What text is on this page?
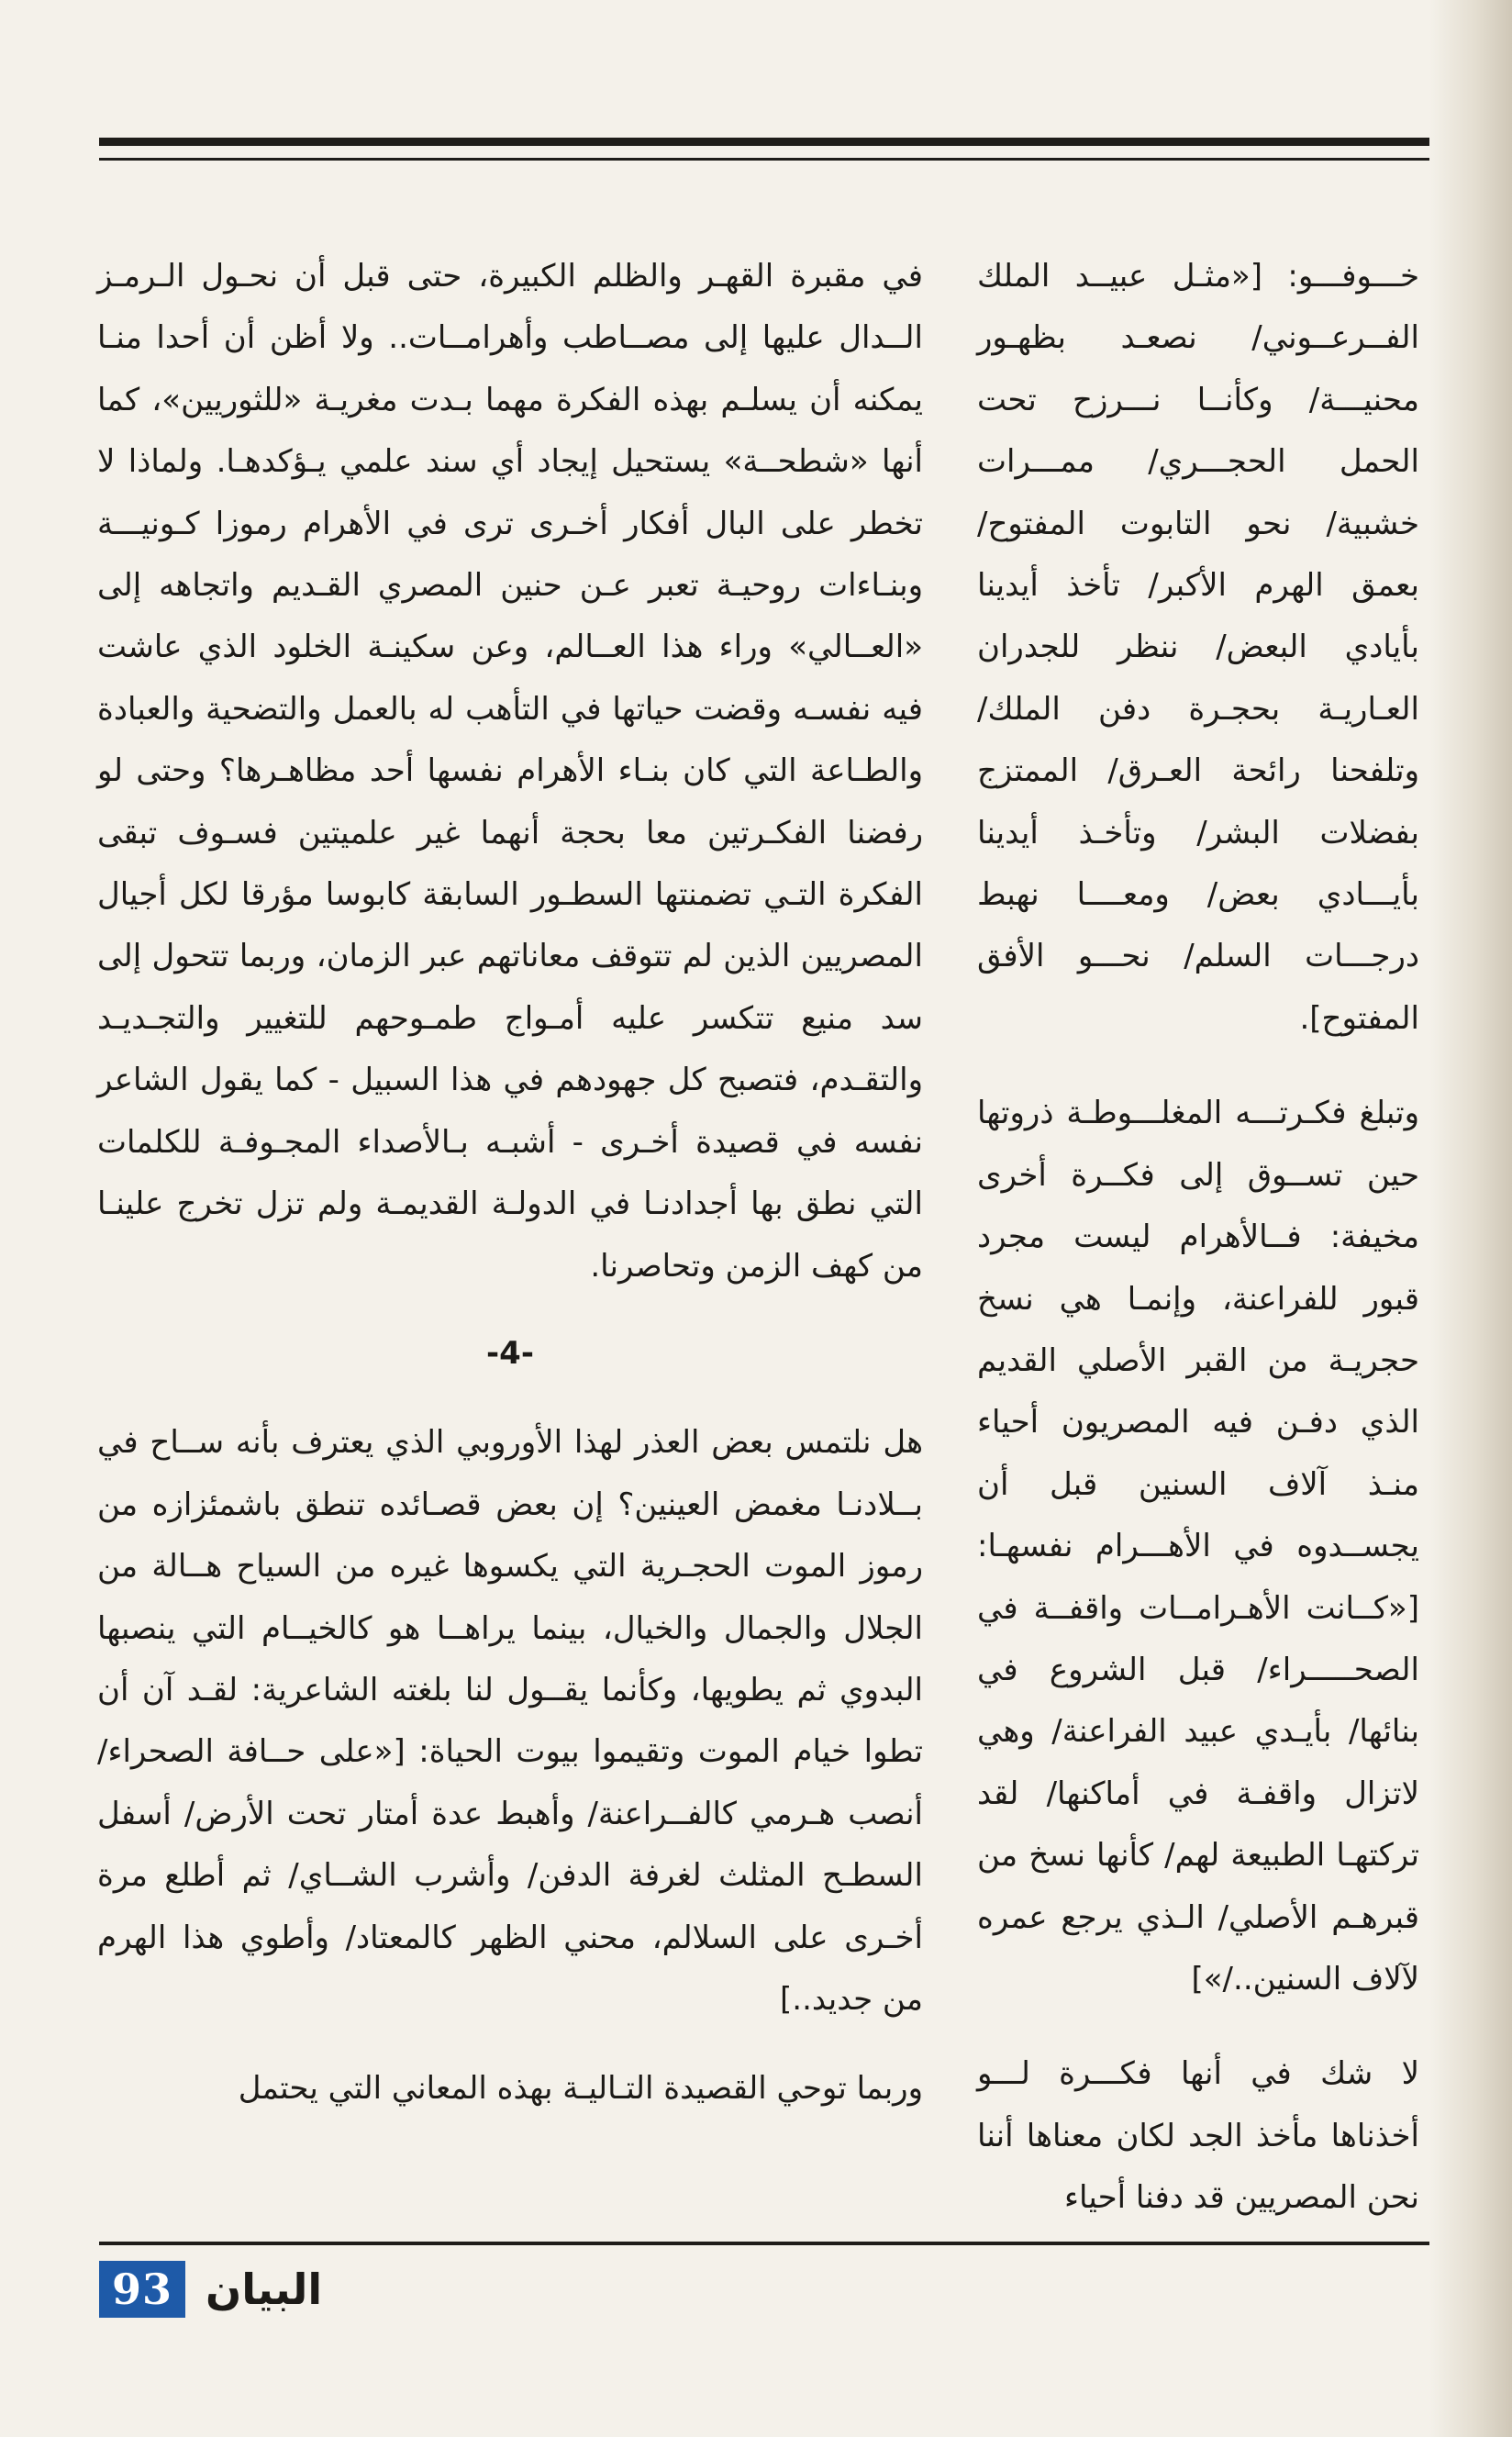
خـــوفـــو: [«مثـل عبيــد الملك الفــرعــوني/ نصعـد بظهـور محنيـــة/ وكأنــا نـــرزح تحت الحمل الحجـــري/ ممـــرات خشبية/ نحو التابوت المفتوح/ بعمق الهرم الأكبر/ تأخذ أيدينا بأيادي البعض/ ننظر للجدران العـاريـة بحجـرة دفن الملك/ وتلفحنا رائحة العـرق/ الممتزج بفضلات البشر/ وتأخـذ أيدينا بأيـــادي بعض/ ومعــــا نهبط درجـــات السلم/ نحـــو الأفق المفتوح].

وتبلغ فكـرتـــه المغلـــوطـة ذروتها حين تســوق إلى فكــرة أخرى مخيفة: فــالأهرام ليست مجرد قبور للفراعنة، وإنمـا هي نسخ حجريـة من القبر الأصلي القديم الذي دفـن فيه المصريون أحياء منـذ آلاف السنين قبل أن يجســدوه في الأهـــرام نفسهـا: [«كــانت الأهـرامــات واقفــة في الصحـــــراء/ قبل الشروع في بنائها/ بأيـدي عبيد الفراعنة/ وهي لاتزال واقفـة في أماكنها/ لقد تركتهـا الطبيعة لهم/ كأنها نسخ من قبرهـم الأصلي/ الـذي يرجع عمره لآلاف السنين../»]

لا شك في أنها فكـــرة لـــو أخذناها مأخذ الجد لكان معناها أننا نحن المصريين قد دفنا أحياء

في مقبرة القهـر والظلم الكبيرة، حتى قبل أن نحـول الـرمـز الــدال عليها إلى مصــاطب وأهرامــات.. ولا أظن أن أحدا منـا يمكنه أن يسلـم بهذه الفكرة مهما بـدت مغريـة «للثوريين»، كما أنها «شطحــة» يستحيل إيجاد أي سند علمي يـؤكدهـا. ولماذا لا تخطر على البال أفكار أخـرى ترى في الأهرام رموزا كـونيـــة وبنـاءات روحيـة تعبر عـن حنين المصري القـديم واتجاهه إلى «العــالي» وراء هذا العــالم، وعن سكينـة الخلود الذي عاشت فيه نفسـه وقضت حياتها في التأهب له بالعمل والتضحية والعبادة والطـاعة التي كان بنـاء الأهرام نفسها أحد مظاهـرها؟ وحتى لو رفضنا الفكـرتين معا بحجة أنهما غير علميتين فسـوف تبقى الفكرة التـي تضمنتها السطـور السابقة كابوسا مؤرقا لكل أجيال المصريين الذين لم تتوقف معاناتهم عبر الزمان، وربما تتحول إلى سد منيع تتكسر عليه أمـواج طمـوحهم للتغيير والتجـديـد والتقـدم، فتصبح كل جهودهم في هذا السبيل - كما يقول الشاعر نفسه في قصيدة أخـرى - أشبـه بـالأصداء المجـوفـة للكلمات التي نطق بها أجدادنـا في الدولـة القديمـة ولم تزل تخرج علينـا من كهف الزمن وتحاصرنا.

-4-

هل نلتمس بعض العذر لهذا الأوروبي الذي يعترف بأنه ســاح في بــلادنـا مغمض العينين؟ إن بعض قصـائده تنطق باشمئزازه من رموز الموت الحجـرية التي يكسوها غيره من السياح هــالة من الجلال والجمال والخيال، بينما يراهــا هو كالخيــام التي ينصبها البدوي ثم يطويها، وكأنما يقــول لنا بلغته الشاعرية: لقـد آن أن تطوا خيام الموت وتقيموا بيوت الحياة: [«على حــافة الصحراء/ أنصب هـرمي كالفــراعنة/ وأهبط عدة أمتار تحت الأرض/ أسفل السطـح المثلث لغرفة الدفن/ وأشرب الشــاي/ ثم أطلع مرة أخـرى على السلالم، محني الظهر كالمعتاد/ وأطوي هذا الهرم من جديد..]

وربما توحي القصيدة التـاليـة بهذه المعاني التي يحتمل

93 البيان
